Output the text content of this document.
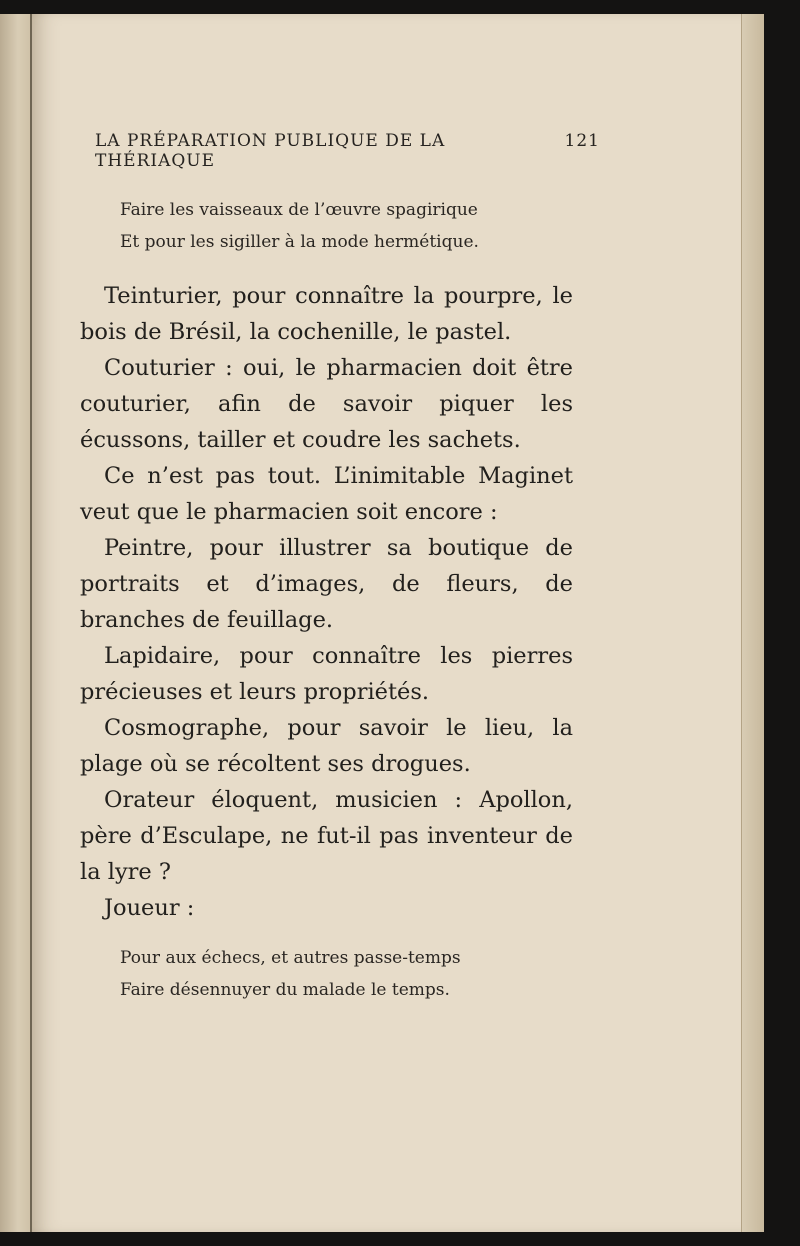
LA PRÉPARATION PUBLIQUE DE LA THÉRIAQUE
121

Faire les vaisseaux de l’œuvre spagirique

Et pour les sigiller à la mode hermétique.

Teinturier, pour connaître la pourpre, le bois de Brésil, la cochenille, le pastel.

Couturier : oui, le pharmacien doit être couturier, afin de savoir piquer les écussons, tailler et coudre les sachets.

Ce n’est pas tout. L’inimitable Maginet veut que le pharmacien soit encore :

Peintre, pour illustrer sa boutique de portraits et d’images, de fleurs, de branches de feuillage.

Lapidaire, pour connaître les pierres précieuses et leurs propriétés.

Cosmographe, pour savoir le lieu, la plage où se récoltent ses drogues.

Orateur éloquent, musicien : Apollon, père d’Esculape, ne fut-il pas inventeur de la lyre ?

Joueur :

Pour aux échecs, et autres passe-temps

Faire désennuyer du malade le temps.
